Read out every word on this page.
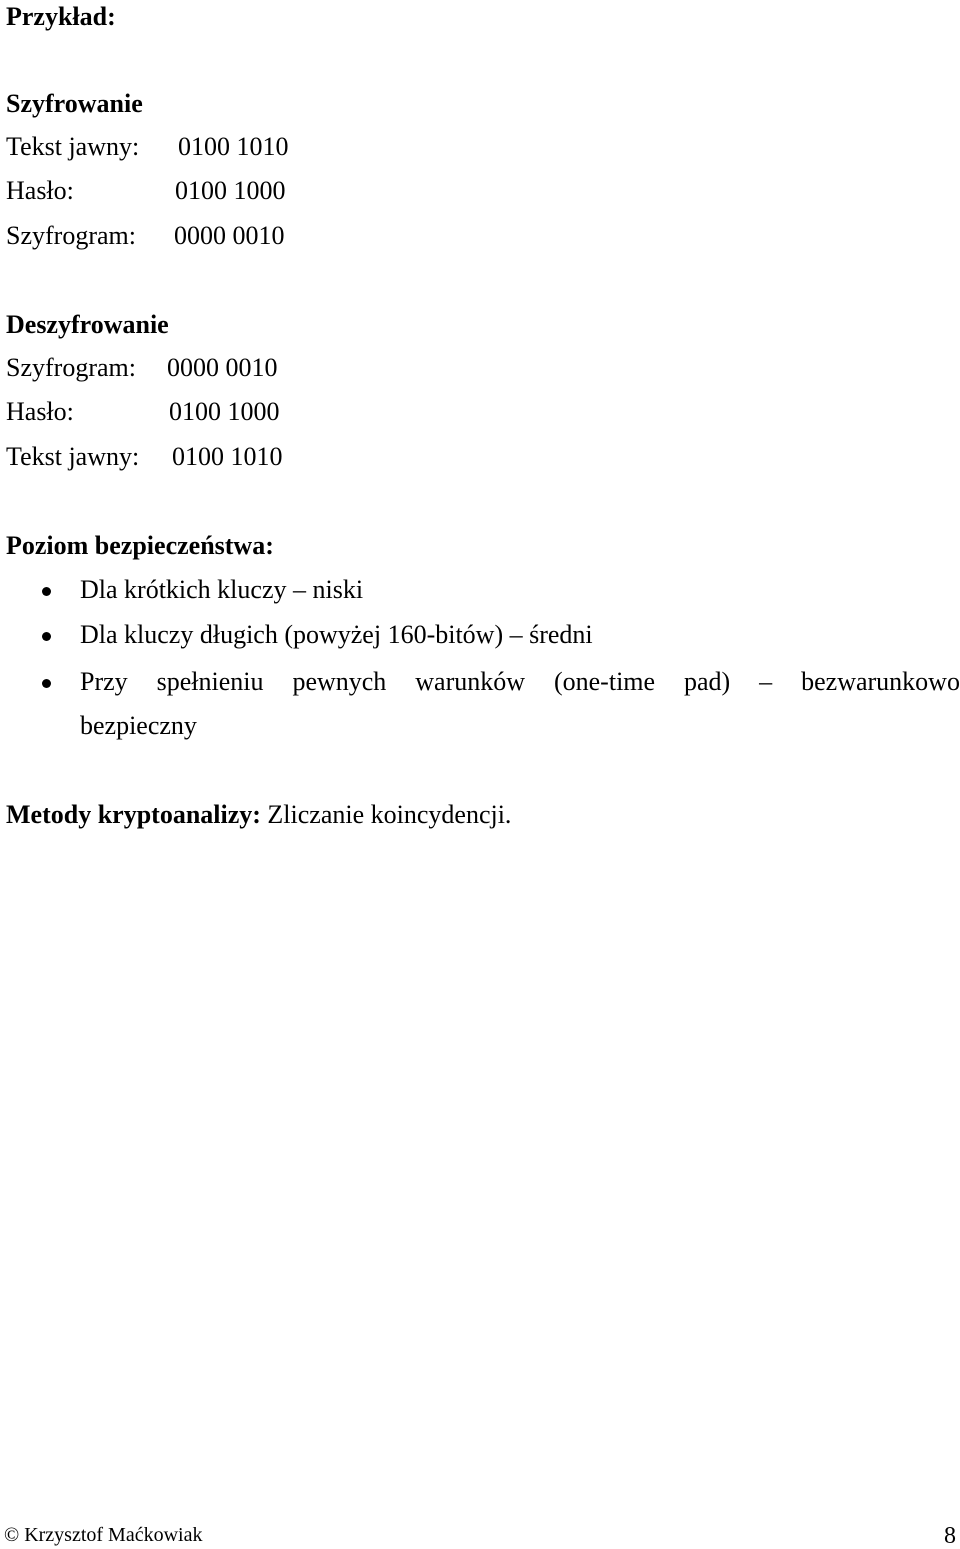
Przykład:
Szyfrowanie
Tekst jawny: 0100 1010
Hasło:	0100 1000
Szyfrogram: 0000 0010
Deszyfrowanie
Szyfrogram: 0000 0010
Hasło:	0100 1000
Tekst jawny: 0100 1010
Poziom bezpieczeństwa:
Dla krótkich kluczy – niski
Dla kluczy długich (powyżej 160-bitów) – średni
Przy spełnieniu pewnych warunków (one-time pad) – bezwarunkowo
bezpieczny
Metody kryptoanalizy: Zliczanie koincydencji.
© Krzysztof Maćkowiak	8
